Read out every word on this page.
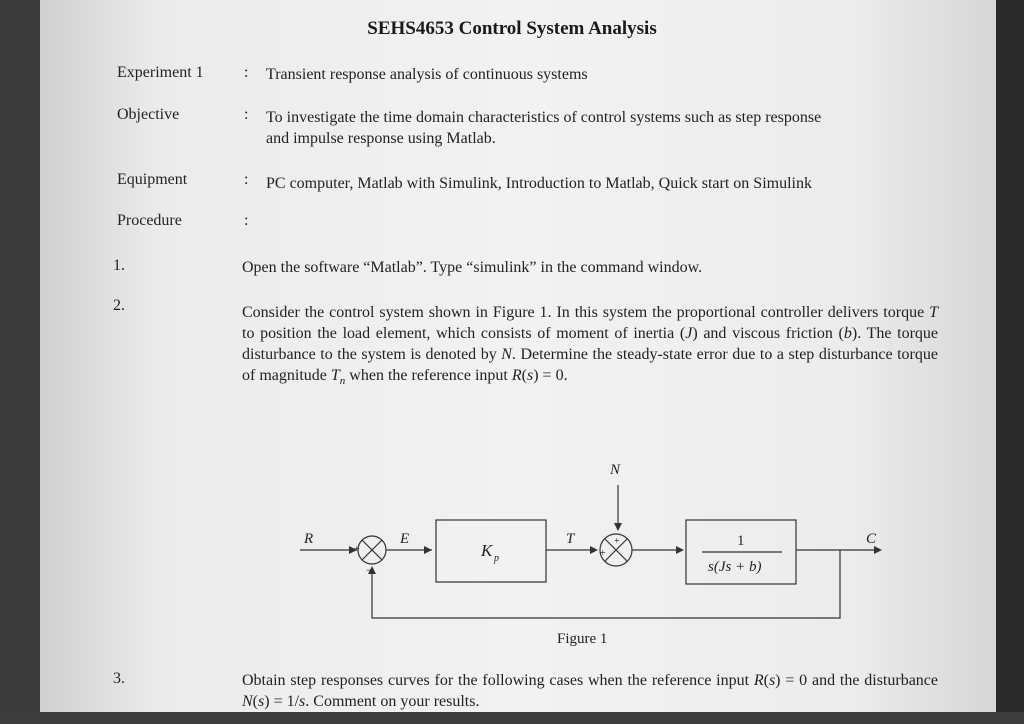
SEHS4653 Control System Analysis
Experiment 1	: Transient response analysis of continuous systems
Objective	: To investigate the time domain characteristics of control systems such as step response
and impulse response using Matlab.
Equipment	: PC computer, Matlab with Simulink, Introduction to Matlab, Quick start on Simulink
Procedure	:
1.	Open the software “Matlab”. Type “simulink” in the command window.
2.	Consider the control system shown in Figure 1. In this system the proportional controller delivers torque T to position the load element, which consists of moment of inertia (J) and viscous friction (b). The torque disturbance to the system is denoted by N. Determine the steady-state error due to a step disturbance torque of magnitude $T_n$ when the reference input R(s) = 0.
R	E	T
N
C
K p
1
s(Js + b)
+
−
+
+
Figure 1
3.	Obtain step responses curves for the following cases when the reference input R(s) = 0 and the disturbance N(s) = 1/s. Comment on your results.
